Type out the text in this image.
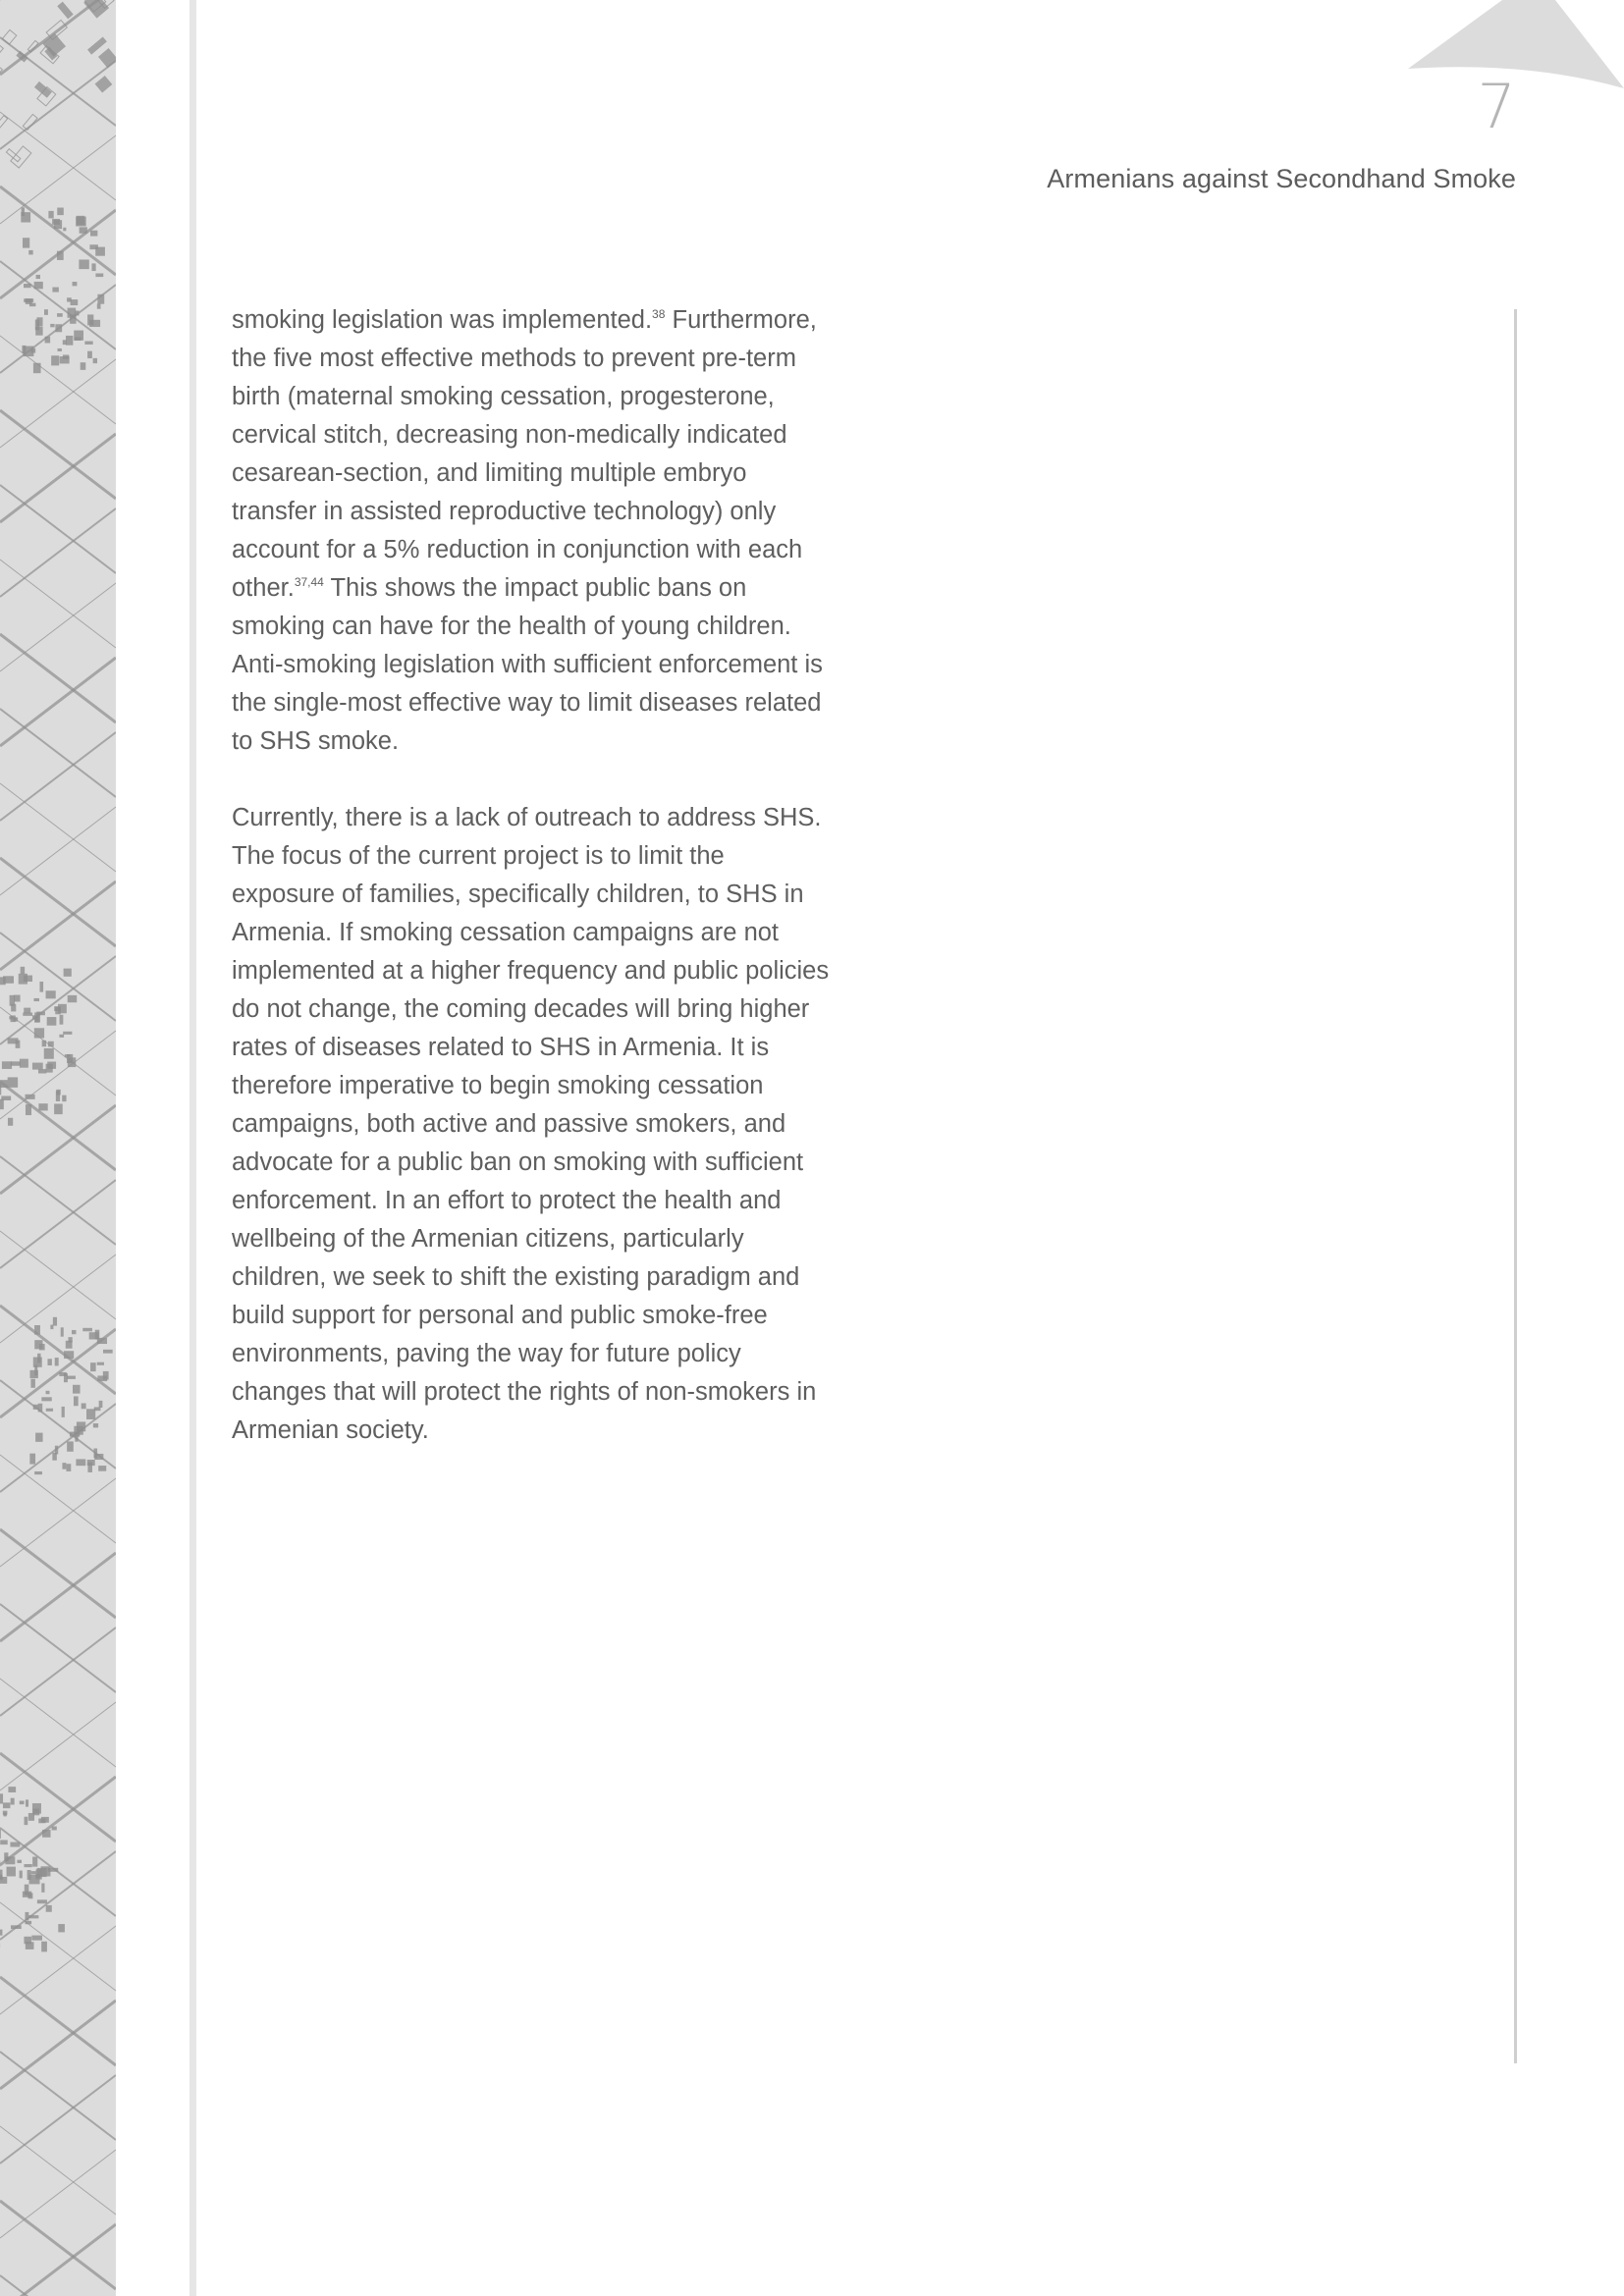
7
Armenians against Secondhand Smoke

smoking legislation was implemented.$^{38}$ Furthermore, the five most effective methods to prevent pre-term birth (maternal smoking cessation, progesterone, cervical stitch, decreasing non-medically indicated cesarean-section, and limiting multiple embryo transfer in assisted reproductive technology) only account for a 5% reduction in conjunction with each other.$^{37,44}$ This shows the impact public bans on smoking can have for the health of young children. Anti-smoking legislation with sufficient enforcement is the single-most effective way to limit diseases related to SHS smoke.

Currently, there is a lack of outreach to address SHS. The focus of the current project is to limit the exposure of families, specifically children, to SHS in Armenia. If smoking cessation campaigns are not implemented at a higher frequency and public policies do not change, the coming decades will bring higher rates of diseases related to SHS in Armenia. It is therefore imperative to begin smoking cessation campaigns, both active and passive smokers, and advocate for a public ban on smoking with sufficient enforcement. In an effort to protect the health and wellbeing of the Armenian citizens, particularly children, we seek to shift the existing paradigm and build support for personal and public smoke-free environments, paving the way for future policy changes that will protect the rights of non-smokers in Armenian society.
